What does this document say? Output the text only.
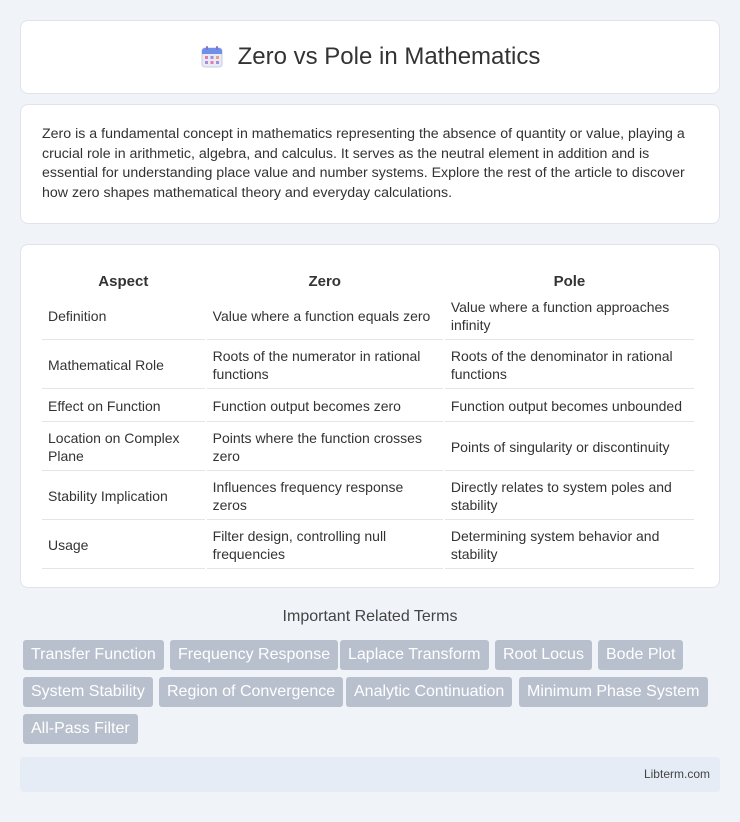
Zero vs Pole in Mathematics

Zero is a fundamental concept in mathematics representing the absence of quantity or value, playing a crucial role in arithmetic, algebra, and calculus. It serves as the neutral element in addition and is essential for understanding place value and number systems. Explore the rest of the article to discover how zero shapes mathematical theory and everyday calculations.

Aspect	Zero	Pole
Definition	Value where a function equals zero	Value where a function approaches infinity
Mathematical Role	Roots of the numerator in rational functions	Roots of the denominator in rational functions
Effect on Function	Function output becomes zero	Function output becomes unbounded
Location on Complex Plane	Points where the function crosses zero	Points of singularity or discontinuity
Stability Implication	Influences frequency response zeros	Directly relates to system poles and stability
Usage	Filter design, controlling null frequencies	Determining system behavior and stability
Important Related Terms
Transfer Function	Frequency Response	Laplace Transform	Root Locus	Bode Plot
System Stability	Region of Convergence	Analytic Continuation	Minimum Phase System
All-Pass Filter
Libterm.com
